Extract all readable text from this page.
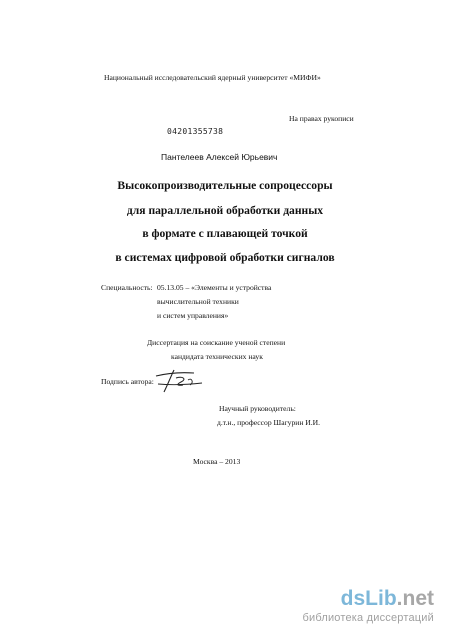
Национальный исследовательский ядерный университет «МИФИ»
На правах рукописи
04201355738
Пантелеев Алексей Юрьевич
Высокопроизводительные сопроцессоры
для параллельной обработки данных
в формате с плавающей точкой
в системах цифровой обработки сигналов
Специальность: 05.13.05 – «Элементы и устройства
вычислительной техники
и систем управления»
Диссертация на соискание ученой степени
кандидата технических наук
Подпись автора:
Научный руководитель:
д.т.н., профессор Шагурин И.И.
Москва – 2013
dsLib.net
библиотека диссертаций
